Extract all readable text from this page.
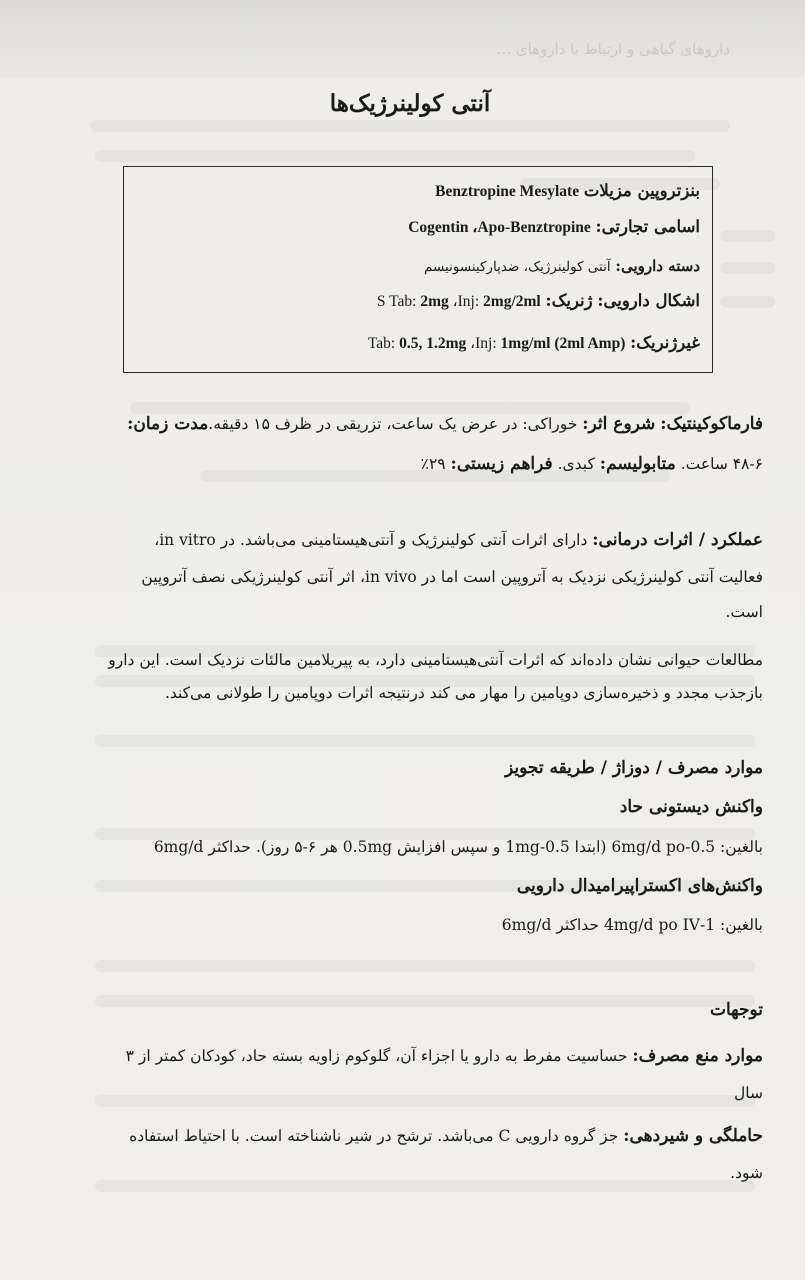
داروهای گیاهی و ارتباط با داروهای ...
آنتی کولینرژیک‌ها
بنزتروپین مزیلات Benztropine Mesylate
اسامی تجارتی: Cogentin ،Apo-Benztropine
دسته دارویی: آنتی کولینرژیک، ضدپارکینسونیسم
اشکال دارویی: ژنریک: S Tab: 2mg ،Inj: 2mg/2ml
غیرژنریک: Tab: 0.5, 1.2mg ،Inj: 1mg/ml (2ml Amp)
فارماکوکینتیک: شروع اثر: خوراکی: در عرض یک ساعت، تزریقی در ظرف ۱۵ دقیقه.مدت زمان:
۴۸-۶ ساعت. متابولیسم: کبدی. فراهم زیستی: ۲۹٪
عملکرد / اثرات درمانی: دارای اثرات آنتی کولینرژیک و آنتی‌هیستامینی می‌باشد. در in vitro،
فعالیت آنتی کولینرژیکی نزدیک به آتروپین است اما در in vivo، اثر آنتی کولینرژیکی نصف آتروپین
است.
مطالعات حیوانی نشان داده‌اند که اثرات آنتی‌هیستامینی دارد، به پیریلامین مالئات نزدیک است. این دارو
بازجذب مجدد و ذخیره‌سازی دوپامین را مهار می کند درنتیجه اثرات دوپامین را طولانی می‌کند.
موارد مصرف / دوزاژ / طریقه تجویز
واکنش دیستونی حاد
بالغین: 0.5-6mg/d po (ابتدا 0.5-1mg و سپس افزایش 0.5mg هر ۶-۵ روز). حداکثر 6mg/d
واکنش‌های اکستراپیرامیدال دارویی
بالغین: 1-4mg/d po IV حداکثر 6mg/d
توجهات
موارد منع مصرف: حساسیت مفرط به دارو یا اجزاء آن، گلوکوم زاویه بسته حاد، کودکان کمتر از ۳
سال
حاملگی و شیردهی: جز گروه دارویی C می‌باشد. ترشح در شیر ناشناخته است. با احتیاط استفاده
شود.
